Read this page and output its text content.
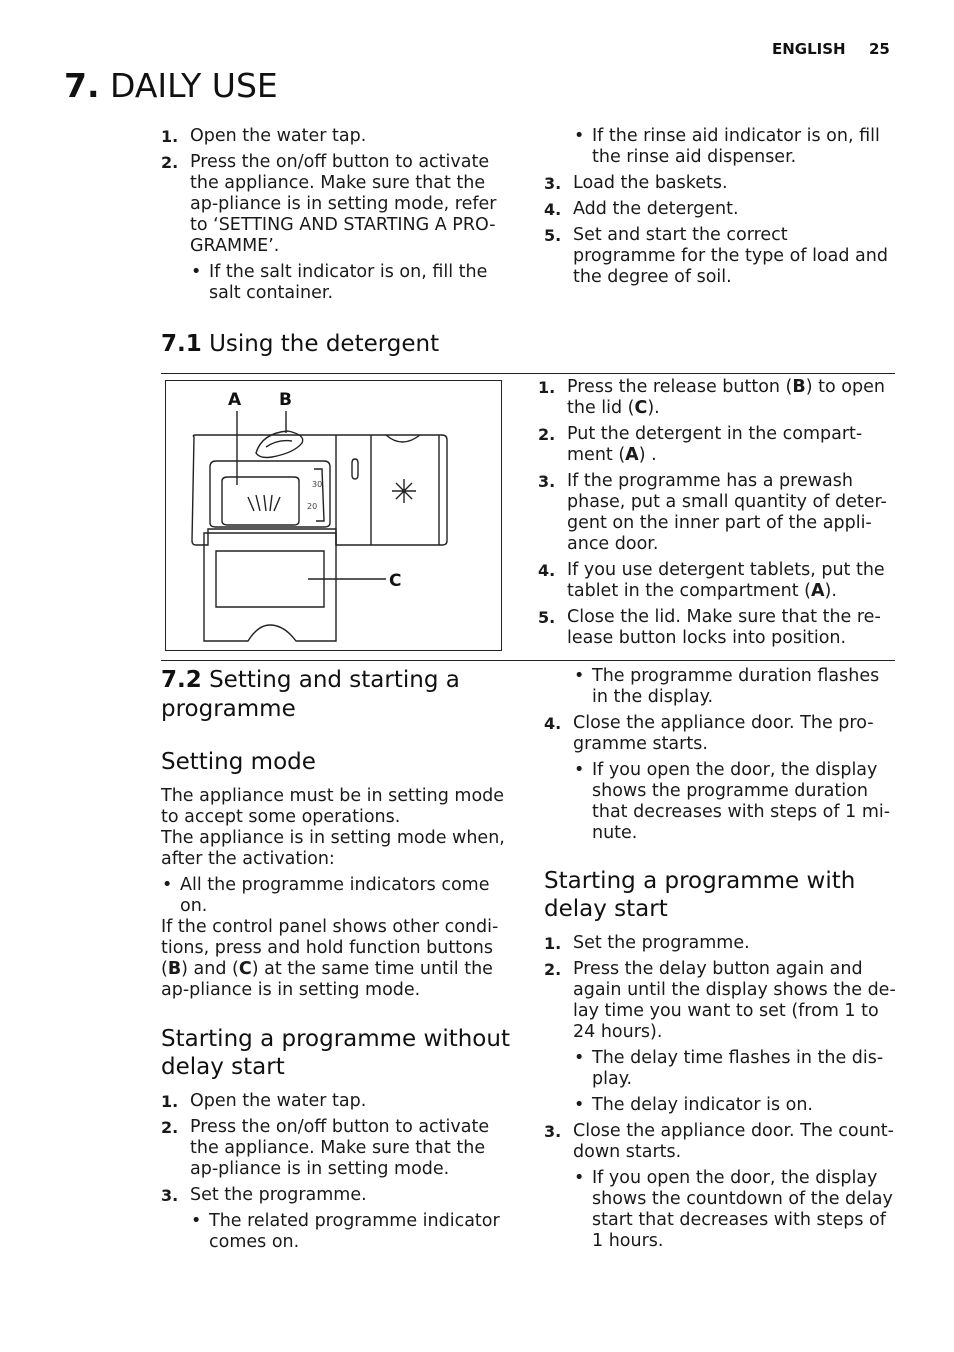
ENGLISH 25
7. DAILY USE
1. Open the water tap.
2. Press the on/off button to activate the appliance. Make sure that the ap-pliance is in setting mode, refer to ‘SETTING AND STARTING A PRO-GRAMME’.
• If the salt indicator is on, fill the salt container.
• If the rinse aid indicator is on, fill the rinse aid dispenser.
3. Load the baskets.
4. Add the detergent.
5. Set and start the correct programme for the type of load and the degree of soil.
7.1 Using the detergent
A B
C
30
20
1. Press the release button (B) to open the lid (C).
2. Put the detergent in the compart-ment (A) .
3. If the programme has a prewash phase, put a small quantity of deter-gent on the inner part of the appli-ance door.
4. If you use detergent tablets, put the tablet in the compartment (A).
5. Close the lid. Make sure that the re-lease button locks into position.
7.2 Setting and starting a programme
Setting mode
The appliance must be in setting mode to accept some operations.
The appliance is in setting mode when, after the activation:
• All the programme indicators come on.
If the control panel shows other condi-tions, press and hold function buttons (B) and (C) at the same time until the ap-pliance is in setting mode.
Starting a programme without delay start
1. Open the water tap.
2. Press the on/off button to activate the appliance. Make sure that the ap-pliance is in setting mode.
3. Set the programme.
• The related programme indicator comes on.
• The programme duration flashes in the display.
4. Close the appliance door. The pro-gramme starts.
• If you open the door, the display shows the programme duration that decreases with steps of 1 mi-nute.
Starting a programme with delay start
1. Set the programme.
2. Press the delay button again and again until the display shows the de-lay time you want to set (from 1 to 24 hours).
• The delay time flashes in the dis-play.
• The delay indicator is on.
3. Close the appliance door. The count-down starts.
• If you open the door, the display shows the countdown of the delay start that decreases with steps of 1 hours.
